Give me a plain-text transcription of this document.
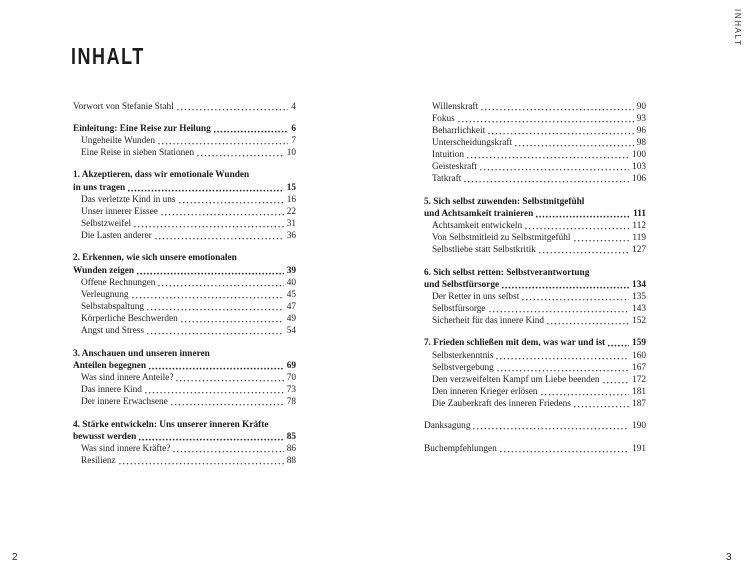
INHALT
Vorwort von Stefanie Stahl	4
Einleitung: Eine Reise zur Heilung	6
Ungeheilte Wunden	7
Eine Reise in sieben Stationen	10
1. Akzeptieren, dass wir emotionale Wunden
in uns tragen	15
Das verletzte Kind in uns	16
Unser innerer Eissee	22
Selbstzweifel	31
Die Lasten anderer	36
2. Erkennen, wie sich unsere emotionalen
Wunden zeigen	39
Offene Rechnungen	40
Verleugnung	45
Selbstabspaltung	47
Körperliche Beschwerden	49
Angst und Stress	54
3. Anschauen und unseren inneren
Anteilen begegnen	69
Was sind innere Anteile?	70
Das innere Kind	73
Der innere Erwachsene	78
4. Stärke entwickeln: Uns unserer inneren Kräfte
bewusst werden	85
Was sind innere Kräfte?	86
Resilienz	88
2
INHALT
Willenskraft	90
Fokus	93
Beharrlichkeit	96
Unterscheidungskraft	98
Intuition	100
Geisteskraft	103
Tatkraft	106
5. Sich selbst zuwenden: Selbstmitgefühl
und Achtsamkeit trainieren	111
Achtsamkeit entwickeln	112
Von Selbstmitleid zu Selbstmitgefühl	119
Selbstliebe statt Selbstkritik	127
6. Sich selbst retten: Selbstverantwortung
und Selbstfürsorge	134
Der Retter in uns selbst	135
Selbstfürsorge	143
Sicherheit für das innere Kind	152
7. Frieden schließen mit dem, was war und ist	159
Selbsterkenntnis	160
Selbstvergebung	167
Den verzweifelten Kampf um Liebe beenden	172
Den inneren Krieger erlösen	181
Die Zauberkraft des inneren Friedens	187
Danksagung	190
Buchempfehlungen	191
3
